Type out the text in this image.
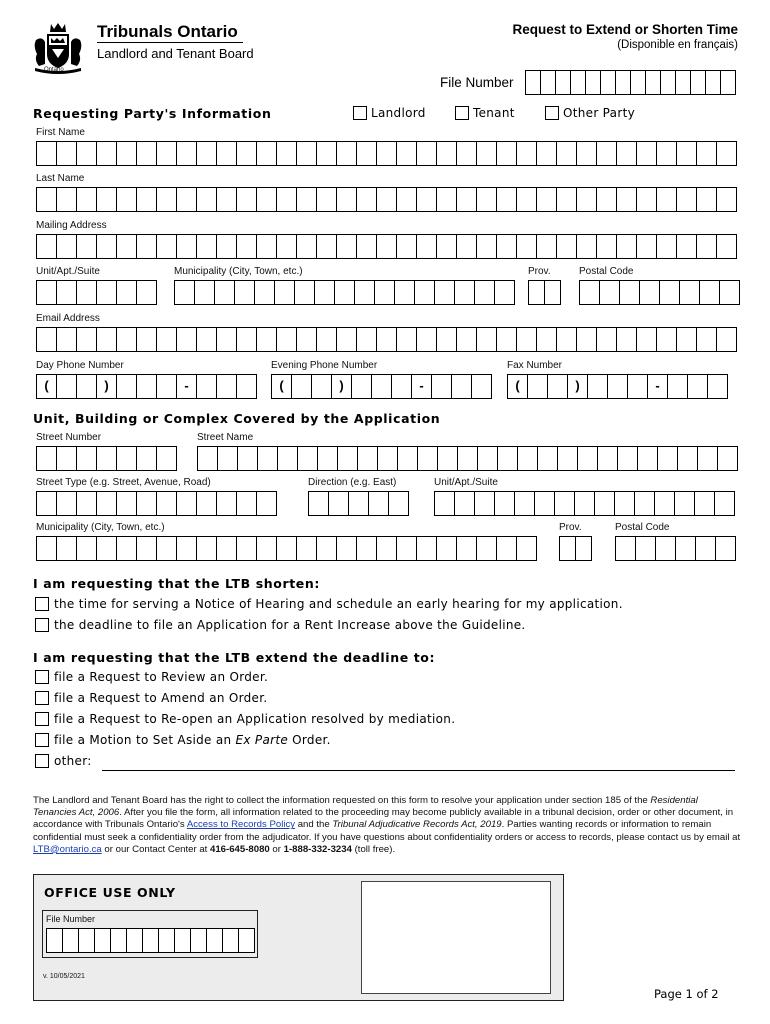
Ontario
Tribunals Ontario
Landlord and Tenant Board
Request to Extend or Shorten Time
(Disponible en français)
File Number
Requesting Party's Information	Landlord	Tenant	Other Party
First Name
Last Name
Mailing Address
Unit/Apt./Suite	Municipality (City, Town, etc.)	Prov.	Postal Code
Email Address
Day Phone Number
(	)	-
Evening Phone Number
(	)	-
Fax Number
(	)	-
Unit, Building or Complex Covered by the Application
Street Number	Street Name
Street Type (e.g. Street, Avenue, Road)	Direction (e.g. East)	Unit/Apt./Suite
Municipality (City, Town, etc.)	Prov.	Postal Code
I am requesting that the LTB shorten:
the time for serving a Notice of Hearing and schedule an early hearing for my application.
the deadline to file an Application for a Rent Increase above the Guideline.
I am requesting that the LTB extend the deadline to:
file a Request to Review an Order.
file a Request to Amend an Order.
file a Request to Re-open an Application resolved by mediation.
file a Motion to Set Aside an Ex Parte Order.
other:
The Landlord and Tenant Board has the right to collect the information requested on this form to resolve your application under section 185 of the Residential Tenancies Act, 2006. After you file the form, all information related to the proceeding may become publicly available in a tribunal decision, order or other document, in accordance with Tribunals Ontario's Access to Records Policy and the Tribunal Adjudicative Records Act, 2019. Parties wanting records or information to remain confidential must seek a confidentiality order from the adjudicator. If you have questions about confidentiality orders or access to records, please contact us by email at LTB@ontario.ca or our Contact Center at 416-645-8080 or 1-888-332-3234 (toll free).
OFFICE USE ONLY
File Number
v. 10/05/2021
Page 1 of 2
